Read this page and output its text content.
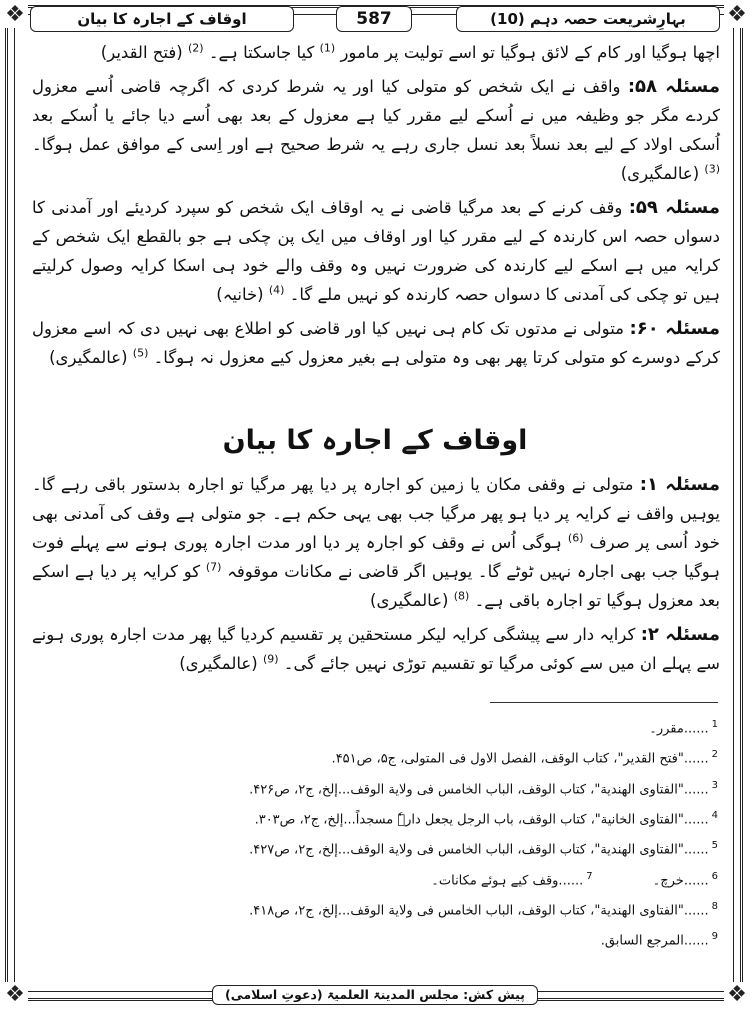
❖	❖
❖	❖
بہارِشریعت حصہ دہم (10)
587
اوقاف کے اجارہ کا بیان

اچھا ہوگیا اور کام کے لائق ہوگیا تو اسے تولیت پر مامور $^{(1)}$ کیا جاسکتا ہے۔ $^{(2)}$ (فتح القدیر)

مسئلہ ۵۸: واقف نے ایک شخص کو متولی کیا اور یہ شرط کردی کہ اگرچہ قاضی اُسے معزول کردے مگر جو وظیفہ میں نے اُسکے لیے مقرر کیا ہے معزول کے بعد بھی اُسے دیا جائے یا اُسکے بعد اُسکی اولاد کے لیے بعد نسلاً بعد نسل جاری رہے یہ شرط صحیح ہے اور اِسی کے موافق عمل ہوگا۔ $^{(3)}$ (عالمگیری)

مسئلہ ۵۹: وقف کرنے کے بعد مرگیا قاضی نے یہ اوقاف ایک شخص کو سپرد کردیئے اور آمدنی کا دسواں حصہ اس کارندہ کے لیے مقرر کیا اور اوقاف میں ایک پن چکی ہے جو بالقطع ایک شخص کے کرایہ میں ہے اسکے لیے کارندہ کی ضرورت نہیں وہ وقف والے خود ہی اسکا کرایہ وصول کرلیتے ہیں تو چکی کی آمدنی کا دسواں حصہ کارندہ کو نہیں ملے گا۔ $^{(4)}$ (خانیہ)

مسئلہ ۶۰: متولی نے مدتوں تک کام ہی نہیں کیا اور قاضی کو اطلاع بھی نہیں دی کہ اسے معزول کرکے دوسرے کو متولی کرتا پھر بھی وہ متولی ہے بغیر معزول کیے معزول نہ ہوگا۔ $^{(5)}$ (عالمگیری)

اوقاف کے اجارہ کا بیان

مسئلہ ۱: متولی نے وقفی مکان یا زمین کو اجارہ پر دیا پھر مرگیا تو اجارہ بدستور باقی رہے گا۔ یوہیں واقف نے کرایہ پر دیا ہو پھر مرگیا جب بھی یہی حکم ہے۔ جو متولی ہے وقف کی آمدنی بھی خود اُسی پر صرف $^{(6)}$ ہوگی اُس نے وقف کو اجارہ پر دیا اور مدت اجارہ پوری ہونے سے پہلے فوت ہوگیا جب بھی اجارہ نہیں ٹوٹے گا۔ یوہیں اگر قاضی نے مکانات موقوفہ $^{(7)}$ کو کرایہ پر دیا ہے اسکے بعد معزول ہوگیا تو اجارہ باقی ہے۔ $^{(8)}$ (عالمگیری)

مسئلہ ۲: کرایہ دار سے پیشگی کرایہ لیکر مستحقین پر تقسیم کردیا گیا پھر مدت اجارہ پوری ہونے سے پہلے ان میں سے کوئی مرگیا تو تقسیم توڑی نہیں جائے گی۔ $^{(9)}$ (عالمگیری)

$^1$......مقرر۔
$^2$......"فتح القدیر"، کتاب الوقف، الفصل الاول فی المتولی، ج۵، ص۴۵۱.
$^3$......"الفتاوی الهندية"، کتاب الوقف، الباب الخامس فی ولاية الوقف...إلخ، ج۲، ص۴۲۶.
$^4$......"الفتاوی الخانية"، کتاب الوقف، باب الرجل یجعل دارہٗ مسجداً...إلخ، ج۲، ص۳۰۳.
$^5$......"الفتاوی الهندية"، کتاب الوقف، الباب الخامس فی ولاية الوقف...إلخ، ج۲، ص۴۲۷.
$^6$......خرچ۔$^7$......وقف کیے ہوئے مکانات۔
$^8$......"الفتاوی الهندية"، کتاب الوقف، الباب الخامس فی ولاية الوقف...إلخ، ج۲، ص۴۱۸.
$^9$......المرجع السابق.
پیش کش: مجلس المدینۃ العلمیۃ (دعوتِ اسلامی)
